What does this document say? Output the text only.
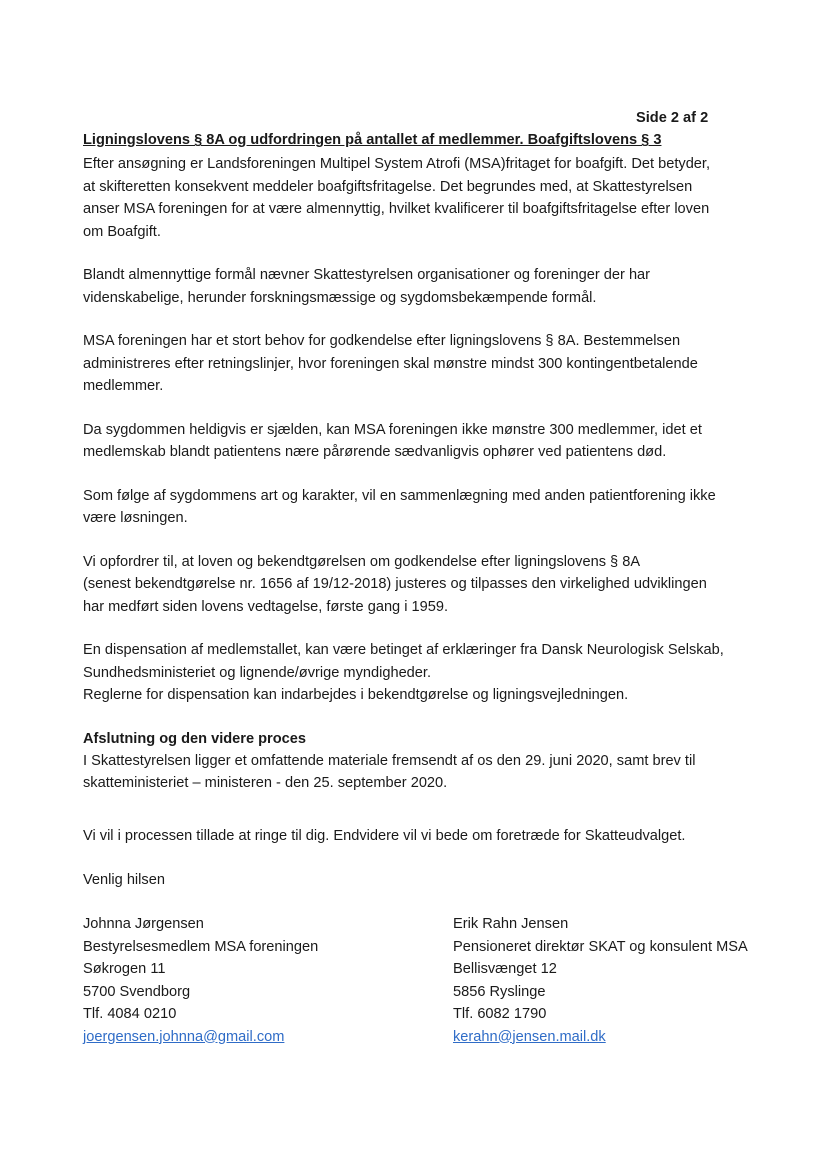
Side 2 af 2
Ligningslovens § 8A og udfordringen på antallet af medlemmer. Boafgiftslovens § 3
Efter ansøgning er Landsforeningen Multipel System Atrofi (MSA)fritaget for boafgift. Det betyder,
at skifteretten konsekvent meddeler boafgiftsfritagelse. Det begrundes med, at Skattestyrelsen
anser MSA foreningen for at være almennyttig, hvilket kvalificerer til boafgiftsfritagelse efter loven
om Boafgift.
Blandt almennyttige formål nævner Skattestyrelsen organisationer og foreninger der har
videnskabelige, herunder forskningsmæssige og sygdomsbekæmpende formål.
MSA foreningen har et stort behov for godkendelse efter ligningslovens § 8A. Bestemmelsen
administreres efter retningslinjer, hvor foreningen skal mønstre mindst 300 kontingentbetalende
medlemmer.
Da sygdommen heldigvis er sjælden, kan MSA foreningen ikke mønstre 300 medlemmer, idet et
medlemskab blandt patientens nære pårørende sædvanligvis ophører ved patientens død.
Som følge af sygdommens art og karakter, vil en sammenlægning med anden patientforening ikke
være løsningen.
Vi opfordrer til, at loven og bekendtgørelsen om godkendelse efter ligningslovens § 8A
(senest bekendtgørelse nr. 1656 af 19/12-2018) justeres og tilpasses den virkelighed udviklingen
har medført siden lovens vedtagelse, første gang i 1959.
En dispensation af medlemstallet, kan være betinget af erklæringer fra Dansk Neurologisk Selskab,
Sundhedsministeriet og lignende/øvrige myndigheder.
Reglerne for dispensation kan indarbejdes i bekendtgørelse og ligningsvejledningen.
Afslutning og den videre proces
I Skattestyrelsen ligger et omfattende materiale fremsendt af os den 29. juni 2020, samt brev til
skatteministeriet – ministeren - den 25. september 2020.
Vi vil i processen tillade at ringe til dig. Endvidere vil vi bede om foretræde for Skatteudvalget.
Venlig hilsen
Johnna Jørgensen
Bestyrelsesmedlem MSA foreningen
Søkrogen 11
5700 Svendborg
Tlf. 4084 0210
joergensen.johnna@gmail.com
Erik Rahn Jensen
Pensioneret direktør SKAT og konsulent MSA
Bellisvænget 12
5856 Ryslinge
Tlf. 6082 1790
kerahn@jensen.mail.dk
